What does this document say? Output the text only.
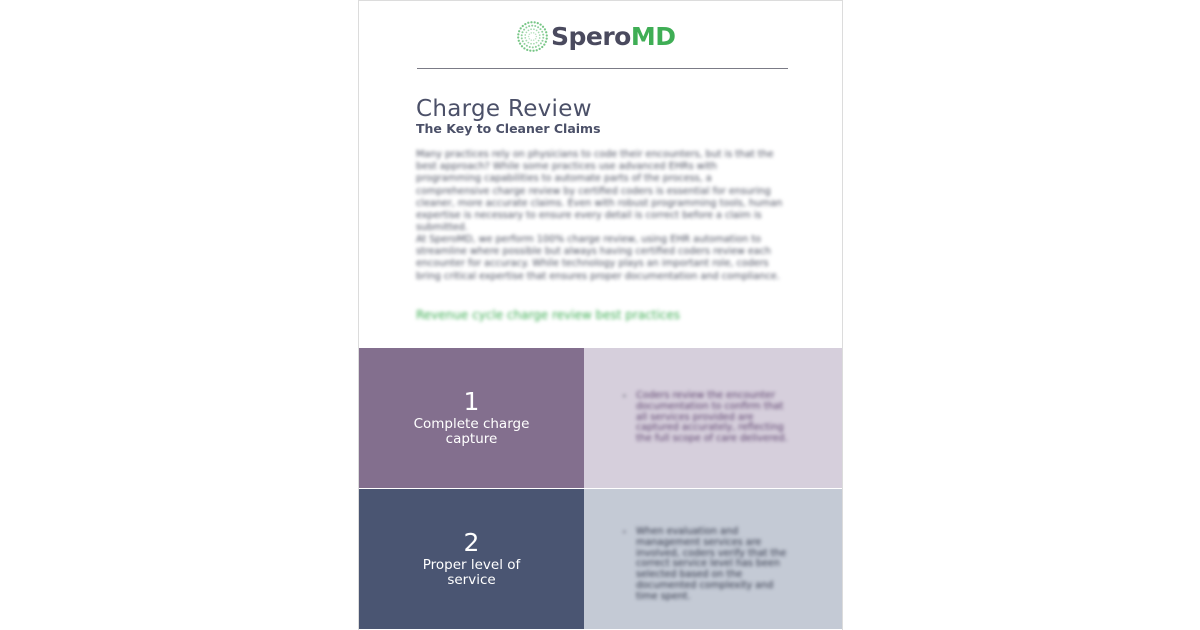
SperoMD
Charge Review
The Key to Cleaner Claims

Many practices rely on physicians to code their encounters, but is that the best approach? While some practices use advanced EHRs with programming capabilities to automate parts of the process, a comprehensive charge review by certified coders is essential for ensuring cleaner, more accurate claims. Even with robust programming tools, human expertise is necessary to ensure every detail is correct before a claim is submitted.

At SperoMD, we perform 100% charge review, using EHR automation to streamline where possible but always having certified coders review each encounter for accuracy. While technology plays an important role, coders bring critical expertise that ensures proper documentation and compliance.

Revenue cycle charge review best practices
1
Complete charge capture
• Coders review the encounter documentation to confirm that all services provided are captured accurately, reflecting the full scope of care delivered.

2
Proper level of service
• When evaluation and management services are involved, coders verify that the correct service level has been selected based on the documented complexity and time spent.
